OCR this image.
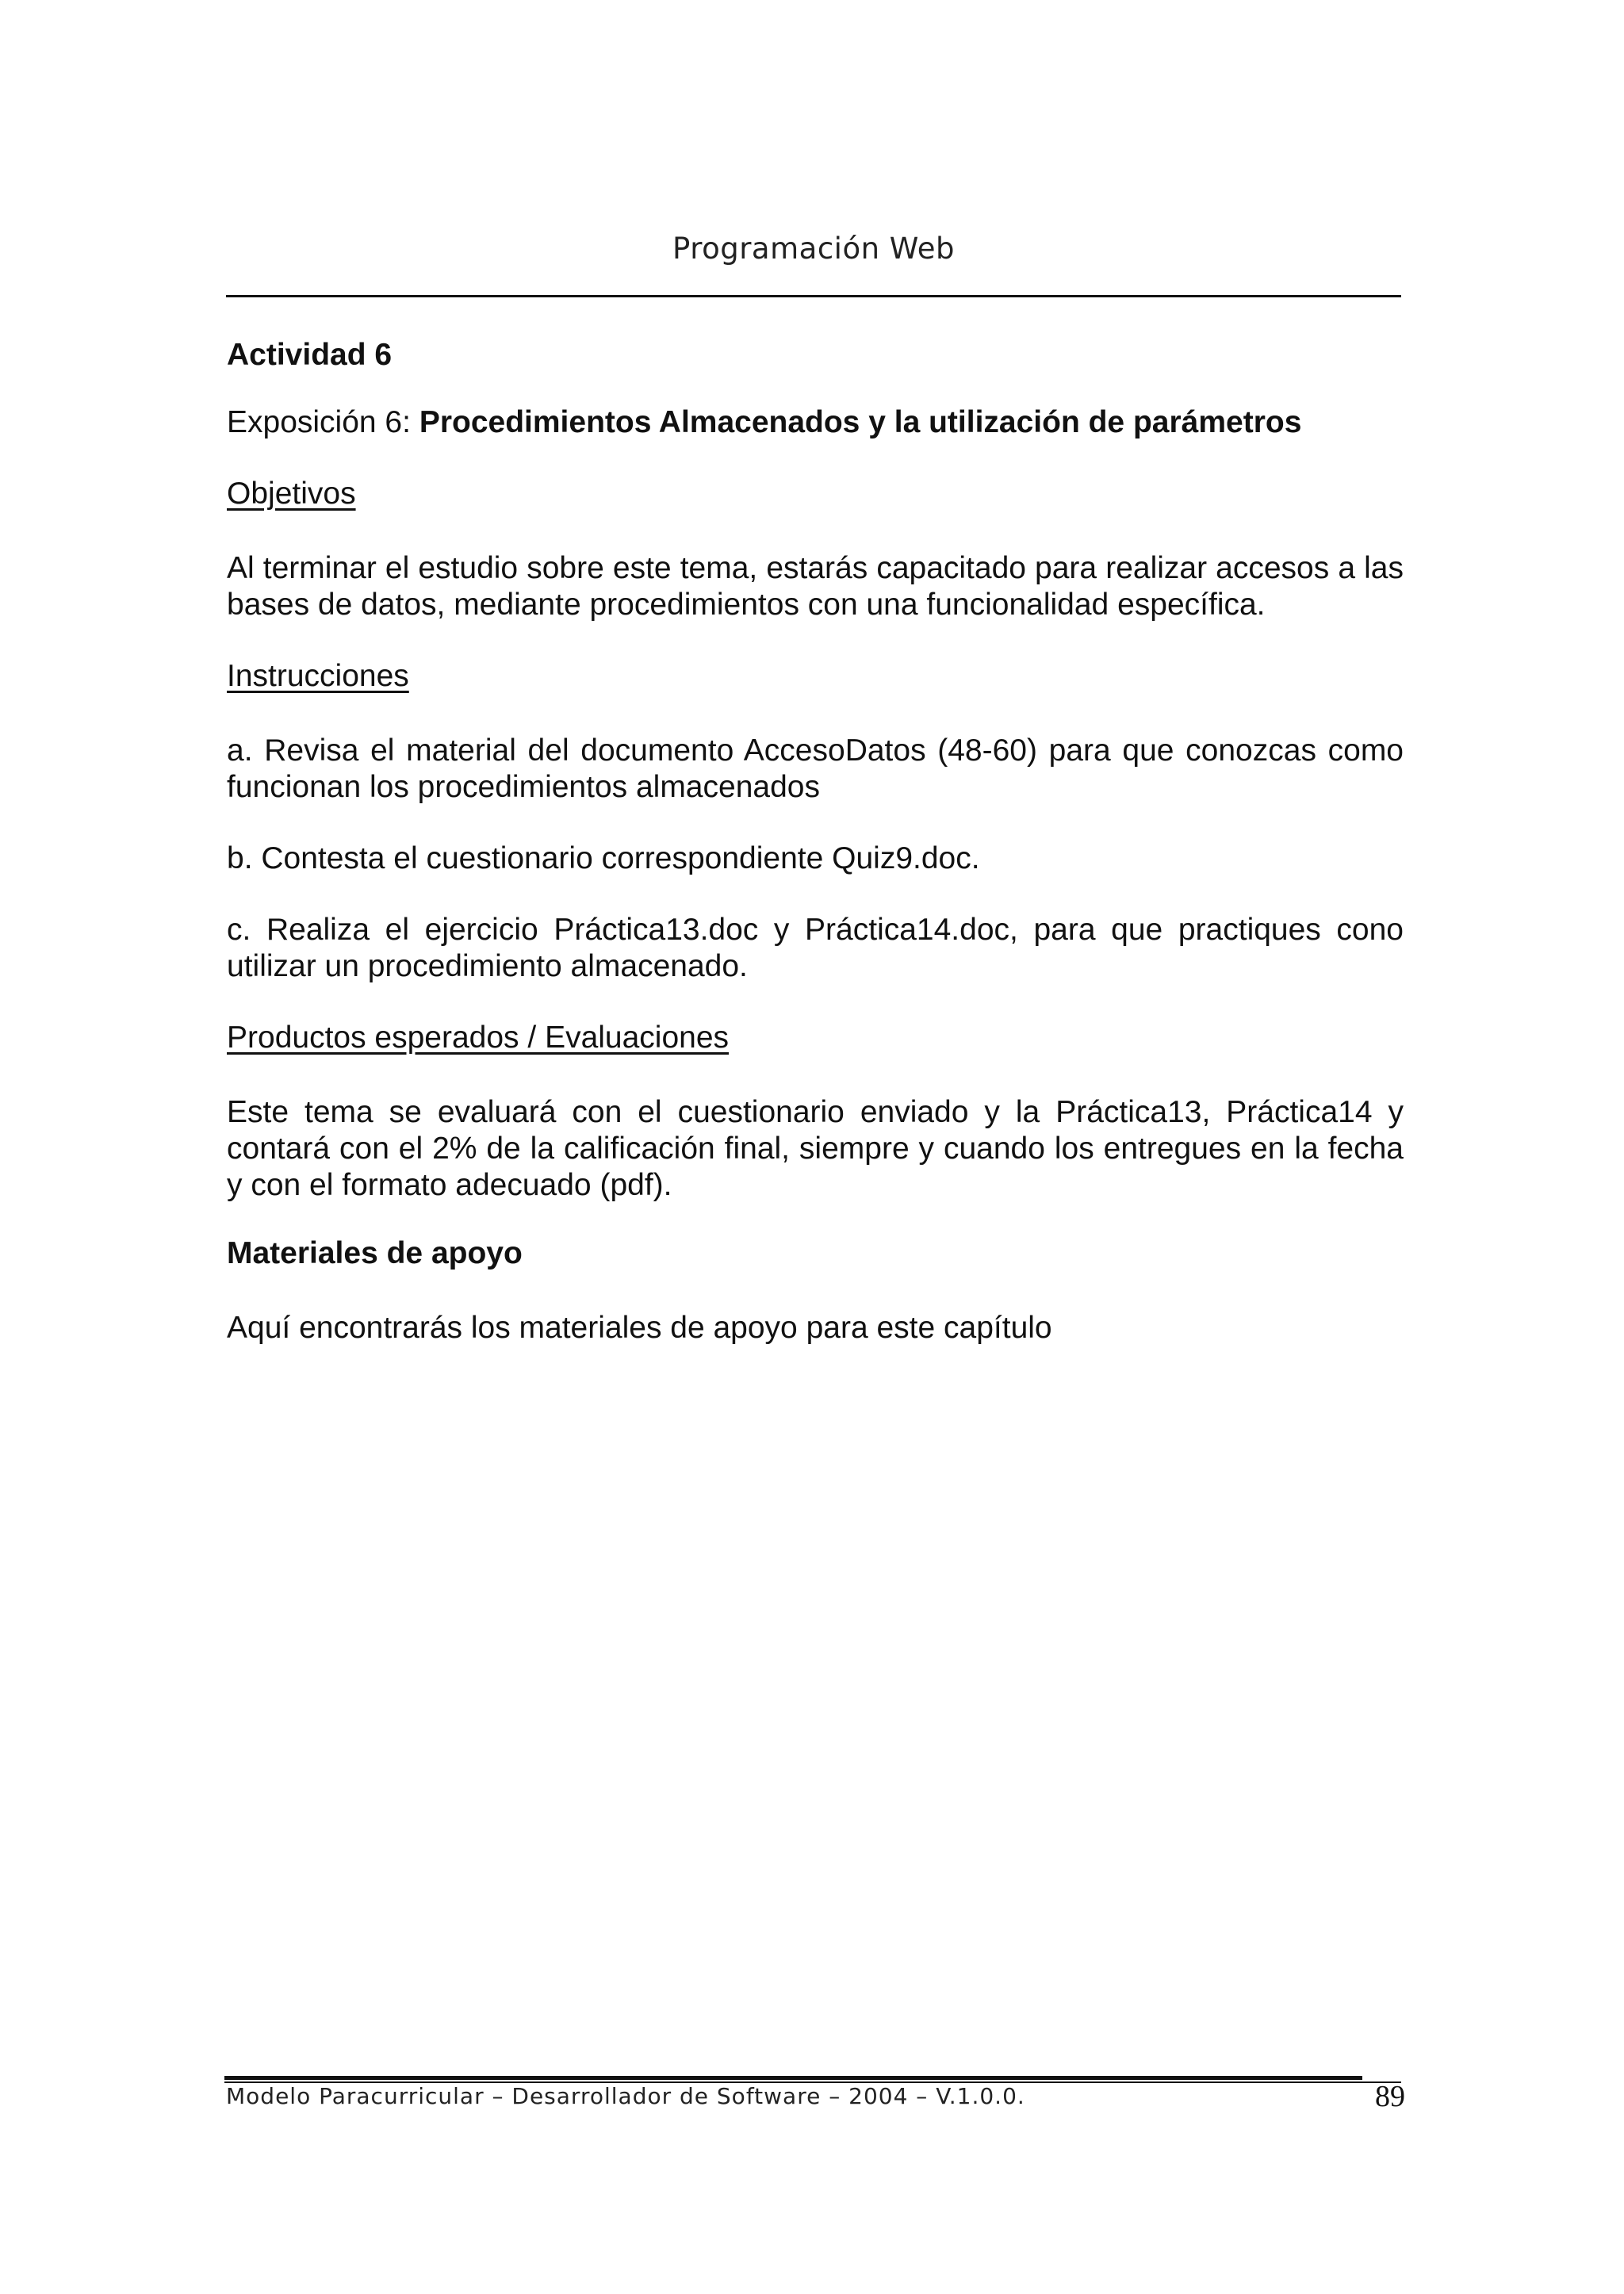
Programación Web

Actividad 6

Exposición 6: Procedimientos Almacenados y la utilización de parámetros

Objetivos

Al terminar el estudio sobre este tema, estarás capacitado para realizar accesos a las bases de datos, mediante procedimientos con una funcionalidad específica.

Instrucciones

a. Revisa el material del documento AccesoDatos (48-60) para que conozcas como funcionan los procedimientos almacenados

b. Contesta el cuestionario correspondiente Quiz9.doc.

c. Realiza el ejercicio Práctica13.doc y Práctica14.doc, para que practiques cono utilizar un procedimiento almacenado.

Productos esperados / Evaluaciones

Este tema se evaluará con el cuestionario enviado y la Práctica13, Práctica14 y contará con el 2% de la calificación final, siempre y cuando los entregues en la fecha y con el formato adecuado (pdf).

Materiales de apoyo

Aquí encontrarás los materiales de apoyo para este capítulo

Modelo Paracurricular – Desarrollador de Software – 2004 – V.1.0.0.	89
